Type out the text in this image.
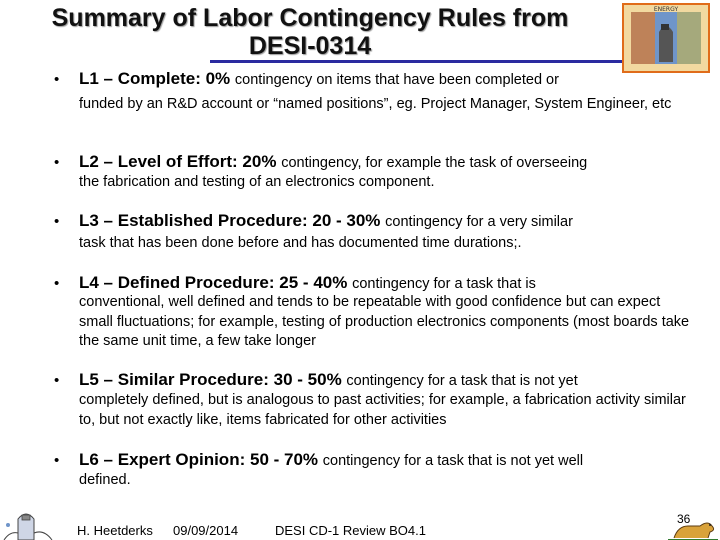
Summary of Labor Contingency Rules from
DESI-0314
ENERGY
• L1 – Complete: 0% contingency on items that have been completed or
funded by an R&D account or “named positions”, eg. Project Manager, System Engineer, etc
• L2 – Level of Effort: 20% contingency, for example the task of overseeing
the fabrication and testing of an electronics component.
• L3 – Established Procedure: 20 - 30% contingency for a very similar
task that has been done before and has documented time durations;.
• L4 – Defined Procedure: 25 - 40% contingency for a task that is
conventional, well defined and tends to be repeatable with good confidence but can expect small fluctuations; for example, testing of production electronics components (most boards take the same unit time, a few take longer
• L5 – Similar Procedure: 30 - 50% contingency for a task that is not yet
completely defined, but is analogous to past activities; for example, a fabrication activity similar to, but not exactly like, items fabricated for other activities
• L6 – Expert Opinion: 50 - 70% contingency for a task that is not yet well
defined.
H. Heetderks 09/09/2014	DESI CD-1 Review BO4.1
36
